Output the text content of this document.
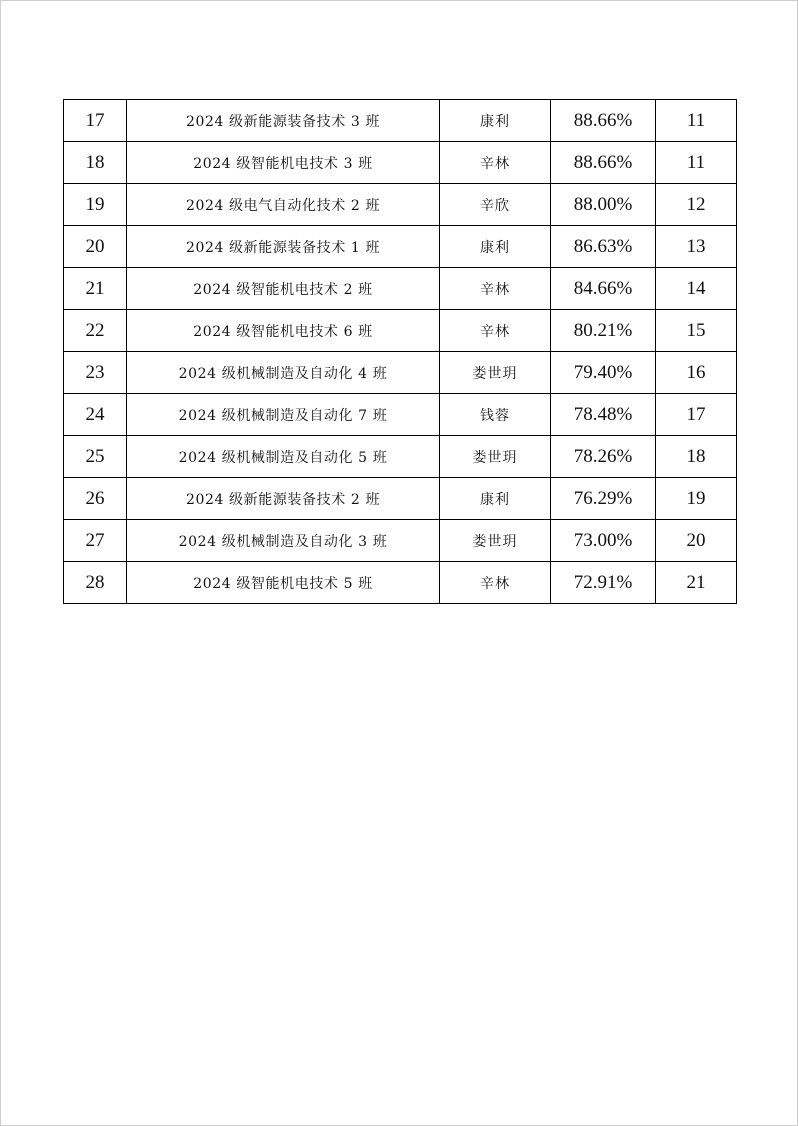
17	2024 级新能源装备技术 3 班	康利	88.66%	11
18	2024 级智能机电技术 3 班	辛林	88.66%	11
19	2024 级电气自动化技术 2 班	辛欣	88.00%	12
20	2024 级新能源装备技术 1 班	康利	86.63%	13
21	2024 级智能机电技术 2 班	辛林	84.66%	14
22	2024 级智能机电技术 6 班	辛林	80.21%	15
23	2024 级机械制造及自动化 4 班	娄世玥	79.40%	16
24	2024 级机械制造及自动化 7 班	钱蓉	78.48%	17
25	2024 级机械制造及自动化 5 班	娄世玥	78.26%	18
26	2024 级新能源装备技术 2 班	康利	76.29%	19
27	2024 级机械制造及自动化 3 班	娄世玥	73.00%	20
28	2024 级智能机电技术 5 班	辛林	72.91%	21
